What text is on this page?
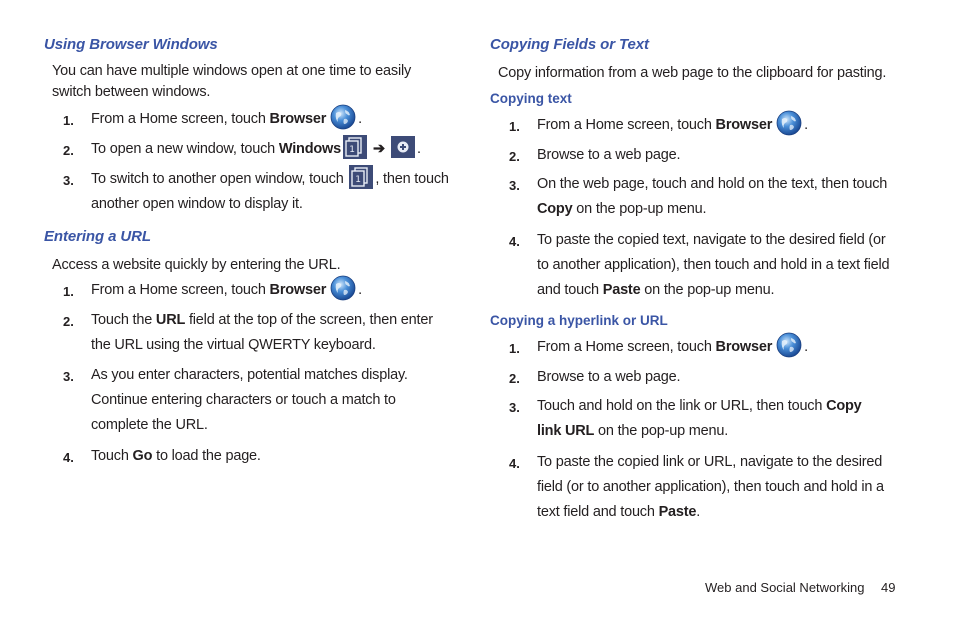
Using Browser Windows
You can have multiple windows open at one time to easily switch between windows.
1. From a Home screen, touch Browser .
2. To open a new window, touch Windows ➔ .
3. To switch to another open window, touch , then touch another open window to display it.
Entering a URL
Access a website quickly by entering the URL.
1. From a Home screen, touch Browser .
2. Touch the URL field at the top of the screen, then enter the URL using the virtual QWERTY keyboard.
3. As you enter characters, potential matches display. Continue entering characters or touch a match to complete the URL.
4. Touch Go to load the page.
Copying Fields or Text
Copy information from a web page to the clipboard for pasting.
Copying text
1. From a Home screen, touch Browser .
2. Browse to a web page.
3. On the web page, touch and hold on the text, then touch Copy on the pop-up menu.
4. To paste the copied text, navigate to the desired field (or to another application), then touch and hold in a text field and touch Paste on the pop-up menu.
Copying a hyperlink or URL
1. From a Home screen, touch Browser .
2. Browse to a web page.
3. Touch and hold on the link or URL, then touch Copy link URL on the pop-up menu.
4. To paste the copied link or URL, navigate to the desired field (or to another application), then touch and hold in a text field and touch Paste.
Web and Social Networking 49
